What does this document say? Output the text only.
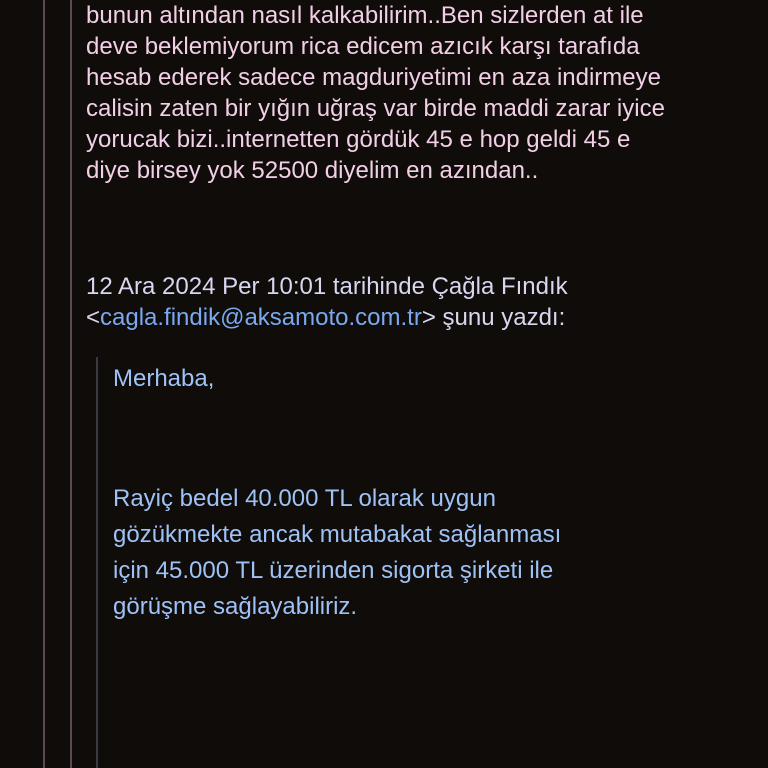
bunun altından nasıl kalkabilirim..Ben sizlerden at ile
deve beklemiyorum rica edicem azıcık karşı tarafıda
hesab ederek sadece magduriyetimi en aza indirmeye
calisin zaten bir yığın uğraş var birde maddi zarar iyice
yorucak bizi..internetten gördük 45 e hop geldi 45 e
diye birsey yok 52500 diyelim en azından..
12 Ara 2024 Per 10:01 tarihinde Çağla Fındık
<cagla.findik@aksamoto.com.tr> şunu yazdı:
Merhaba,
Rayiç bedel 40.000 TL olarak uygun
gözükmekte ancak mutabakat sağlanması
için 45.000 TL üzerinden sigorta şirketi ile
görüşme sağlayabiliriz.
